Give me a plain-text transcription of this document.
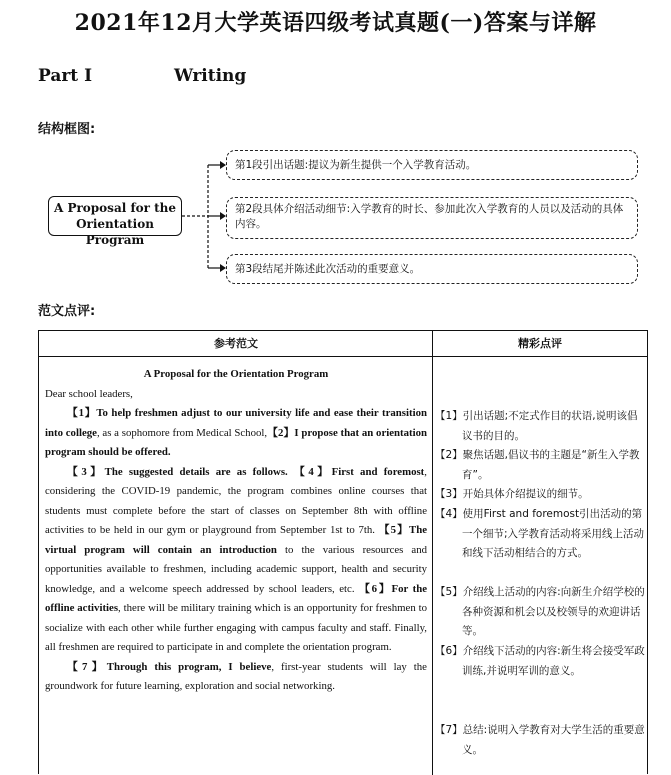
2021年12月大学英语四级考试真题(一)答案与详解
Part Ⅰ	Writing
结构框图:
A Proposal for the
Orientation Program
第1段引出话题:提议为新生提供一个入学教育活动。
第2段具体介绍活动细节:入学教育的时长、参加此次入学教育的人员以及活动的具体内容。
第3段结尾并陈述此次活动的重要意义。
范文点评:
参考范文	精彩点评
A Proposal for the Orientation Program
Dear school leaders,
【1】To help freshmen adjust to our university life and ease their transition into college, as a sophomore from Medical School,【2】I propose that an orientation program should be offered.
【3】The suggested details are as follows. 【4】First and foremost, considering the COVID-19 pandemic, the program combines online courses that students must complete before the start of classes on September 8th with offline activities to be held in our gym or playground from September 1st to 7th. 【5】The virtual program will contain an introduction to the various resources and opportunities available to freshmen, including academic support, health and security knowledge, and a welcome speech addressed by school leaders, etc. 【6】For the offline activities, there will be military training which is an opportunity for freshmen to socialize with each other while further engaging with campus faculty and staff. Finally, all freshmen are required to participate in and complete the orientation program.
【7】Through this program, I believe, first-year students will lay the groundwork for future learning, exploration and social networking.
【1】引出话题;不定式作目的状语,说明该倡议书的目的。
【2】聚焦话题,倡议书的主题是“新生入学教育”。
【3】开始具体介绍提议的细节。
【4】使用First and foremost引出活动的第一个细节;入学教育活动将采用线上活动和线下活动相结合的方式。
【5】介绍线上活动的内容:向新生介绍学校的各种资源和机会以及校领导的欢迎讲话等。
【6】介绍线下活动的内容:新生将会接受军政训练,并说明军训的意义。
【7】总结:说明入学教育对大学生活的重要意义。
